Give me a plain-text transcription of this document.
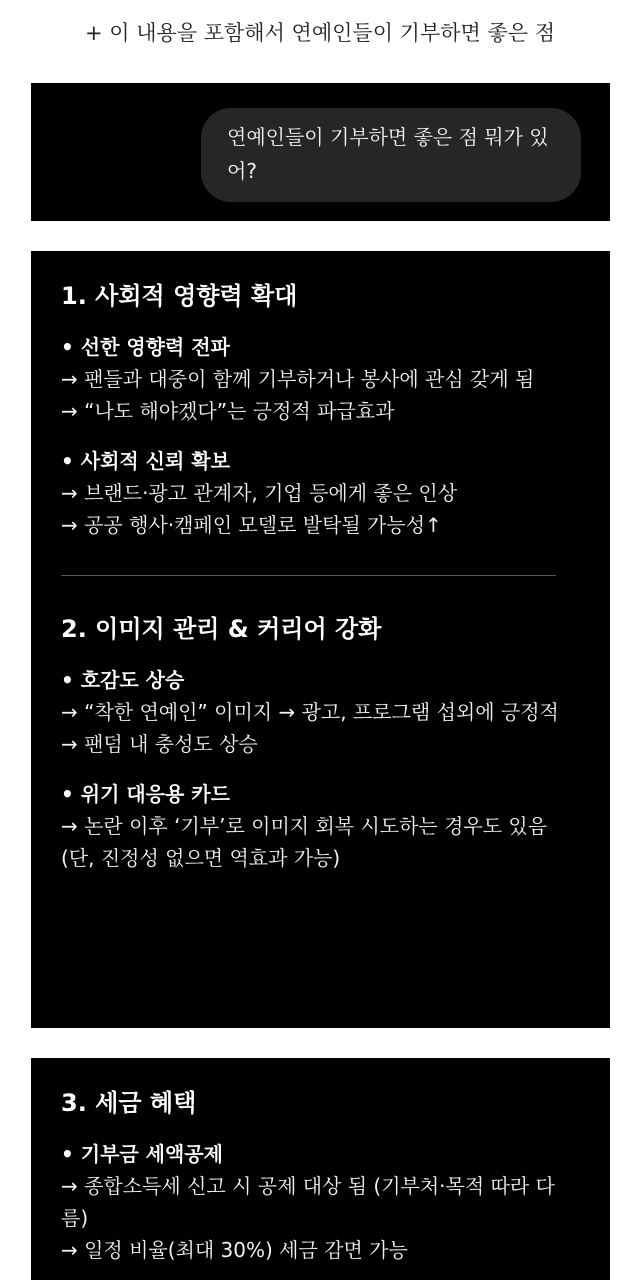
+ 이 내용을 포함해서 연예인들이 기부하면 좋은 점
연예인들이 기부하면 좋은 점 뭐가 있어?
1. 사회적 영향력 확대
• 선한 영향력 전파
→ 팬들과 대중이 함께 기부하거나 봉사에 관심 갖게 됨
→ “나도 해야겠다”는 긍정적 파급효과
• 사회적 신뢰 확보
→ 브랜드·광고 관계자, 기업 등에게 좋은 인상
→ 공공 행사·캠페인 모델로 발탁될 가능성↑
2. 이미지 관리 & 커리어 강화
• 호감도 상승
→ “착한 연예인” 이미지 → 광고, 프로그램 섭외에 긍정적
→ 팬덤 내 충성도 상승
• 위기 대응용 카드
→ 논란 이후 ‘기부’로 이미지 회복 시도하는 경우도 있음
(단, 진정성 없으면 역효과 가능)
3. 세금 혜택
• 기부금 세액공제
→ 종합소득세 신고 시 공제 대상 됨 (기부처·목적 따라 다름)
→ 일정 비율(최대 30%) 세금 감면 가능
